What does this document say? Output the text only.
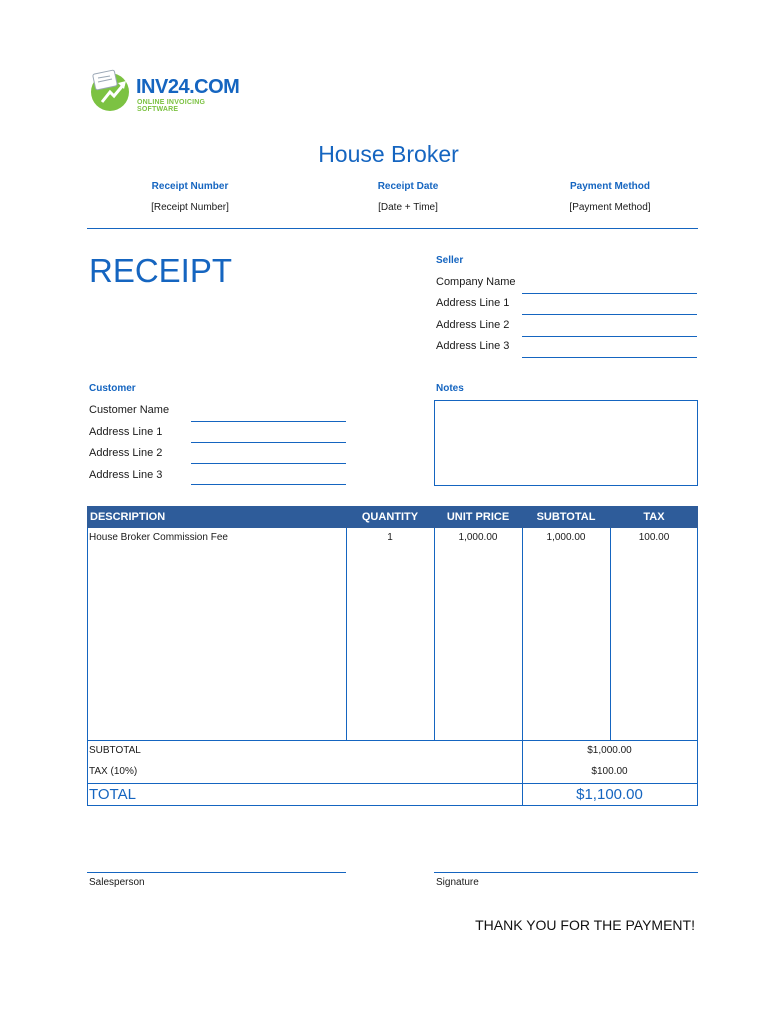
INV24.COM
ONLINE INVOICING SOFTWARE
House Broker
Receipt Number
[Receipt Number]
Receipt Date
[Date + Time]
Payment Method
[Payment Method]
RECEIPT	Seller
Company Name
Address Line 1
Address Line 2
Address Line 3
Customer
Customer Name
Address Line 1
Address Line 2
Address Line 3
Notes
DESCRIPTION	QUANTITY	UNIT PRICE	SUBTOTAL	TAX
House Broker Commission Fee	1	1,000.00	1,000.00	100.00
SUBTOTAL	$1,000.00
TAX (10%)	$100.00
TOTAL	$1,100.00
Salesperson	Signature
THANK YOU FOR THE PAYMENT!
